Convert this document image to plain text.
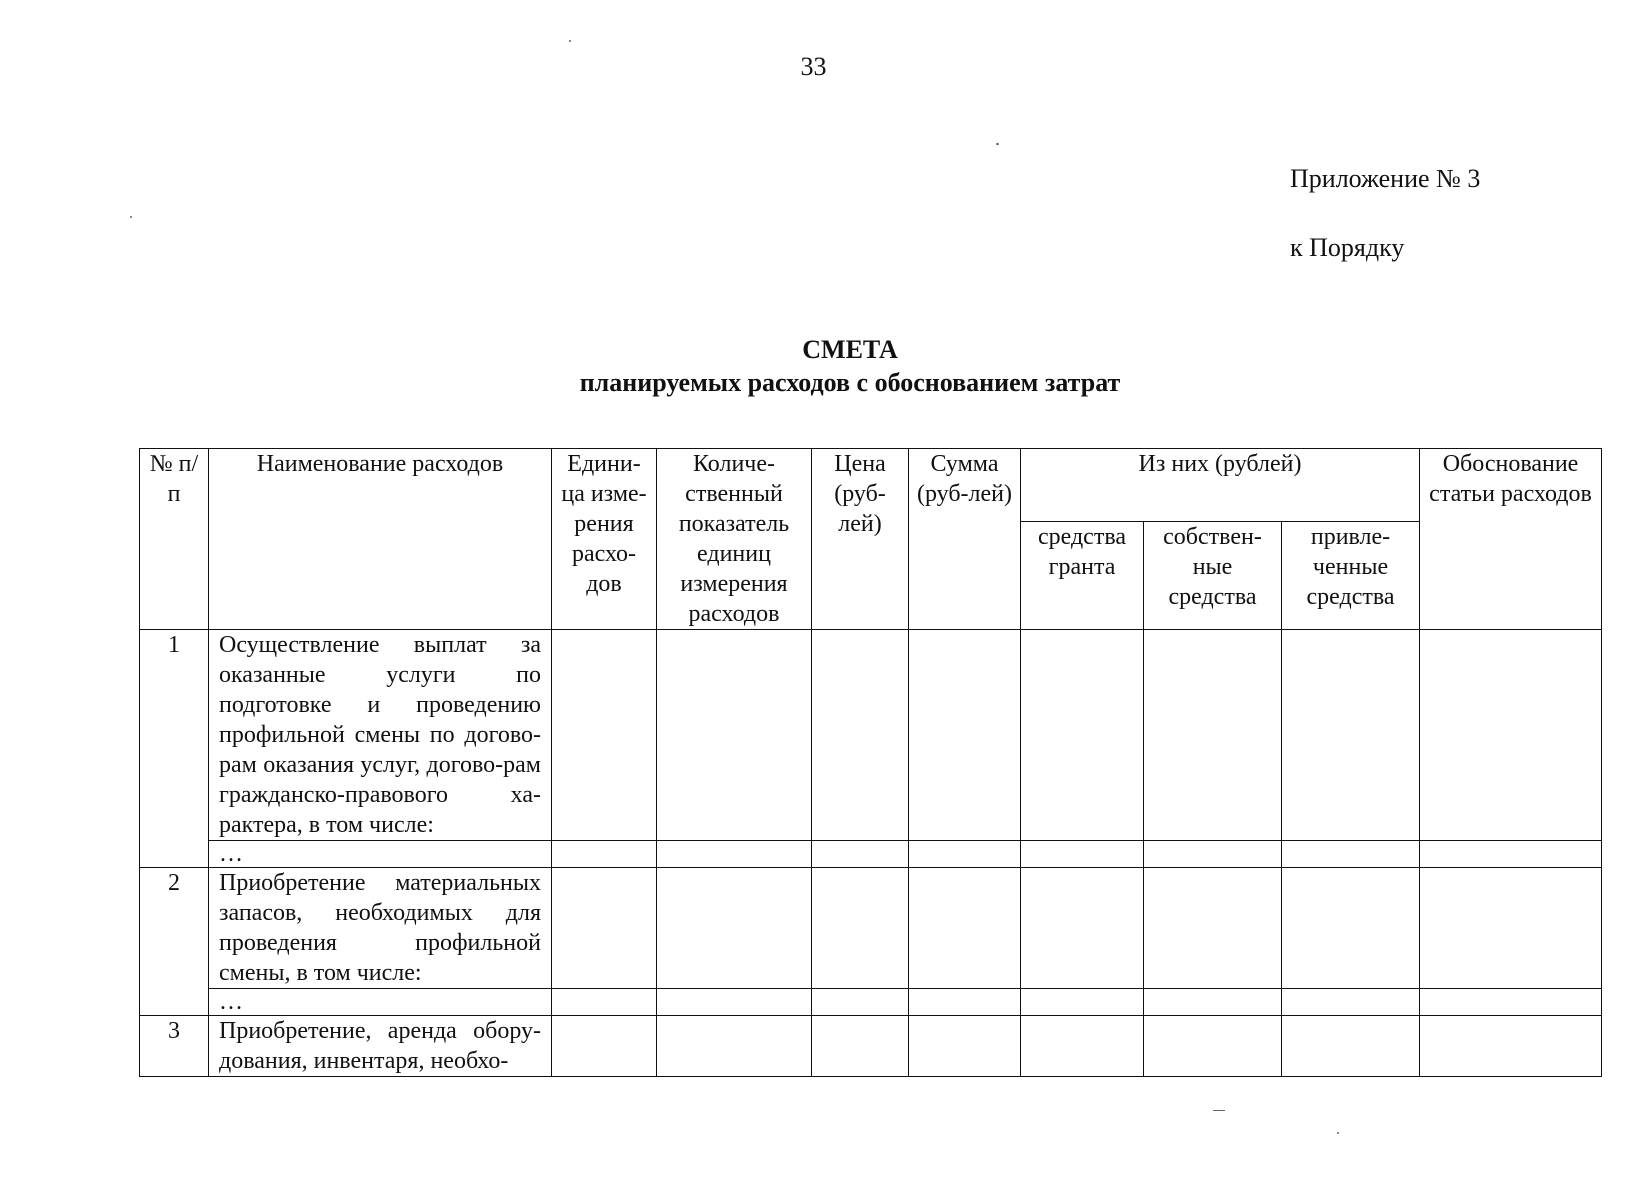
33
Приложение № 3
к Порядку
СМЕТА
планируемых расходов с обоснованием затрат
№ п/п	Наименование расходов	Едини-ца изме-рения расхо-дов	Количе-ственный показатель единиц измерения расходов	Цена (руб-лей)	Сумма (руб-лей)	Из них (рублей)			Обоснование статьи расходов
						средства гранта	собствен-ные средства	привле-ченные средства	
1	Осуществление выплат за оказанные услуги по подготовке и проведению профильной смены по догово-рам оказания услуг, догово-рам гражданско-правового ха-рактера, в том числе:								
	…								
2	Приобретение материальных запасов, необходимых для проведения профильной смены, в том числе:								
	…								
3	Приобретение, аренда обору-дования, инвентаря, необхо-								
